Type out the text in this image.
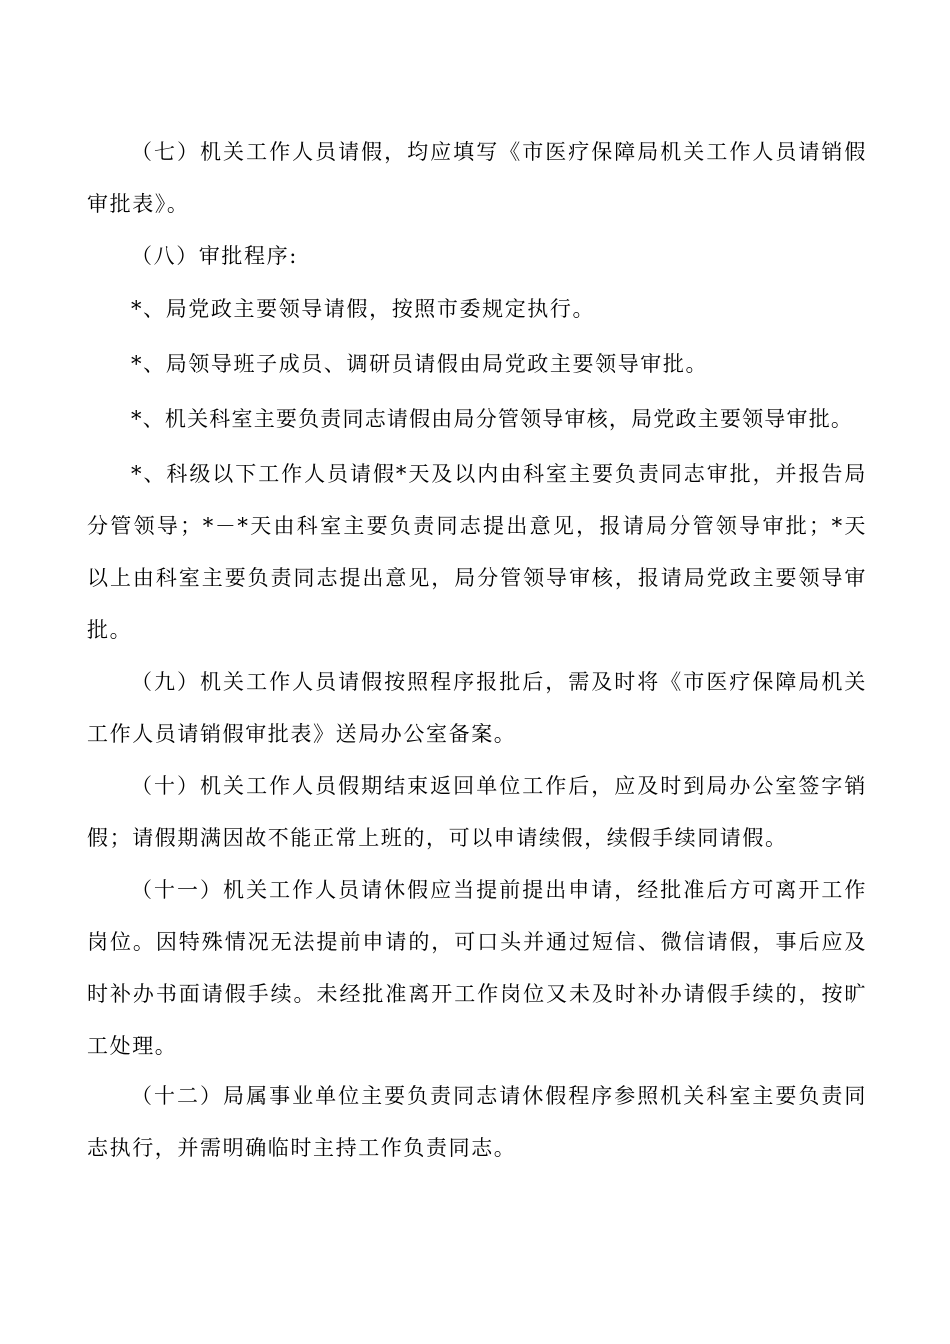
（七）机关工作人员请假，均应填写《市医疗保障局机关工作人员请销假审批表》。

（八）审批程序:

*、局党政主要领导请假，按照市委规定执行。

*、局领导班子成员、调研员请假由局党政主要领导审批。

*、机关科室主要负责同志请假由局分管领导审核，局党政主要领导审批。

*、科级以下工作人员请假*天及以内由科室主要负责同志审批，并报告局分管领导；*－*天由科室主要负责同志提出意见，报请局分管领导审批；*天以上由科室主要负责同志提出意见，局分管领导审核，报请局党政主要领导审批。

（九）机关工作人员请假按照程序报批后，需及时将《市医疗保障局机关工作人员请销假审批表》送局办公室备案。

（十）机关工作人员假期结束返回单位工作后，应及时到局办公室签字销假；请假期满因故不能正常上班的，可以申请续假，续假手续同请假。

（十一）机关工作人员请休假应当提前提出申请，经批准后方可离开工作岗位。因特殊情况无法提前申请的，可口头并通过短信、微信请假，事后应及时补办书面请假手续。未经批准离开工作岗位又未及时补办请假手续的，按旷工处理。

（十二）局属事业单位主要负责同志请休假程序参照机关科室主要负责同志执行，并需明确临时主持工作负责同志。
